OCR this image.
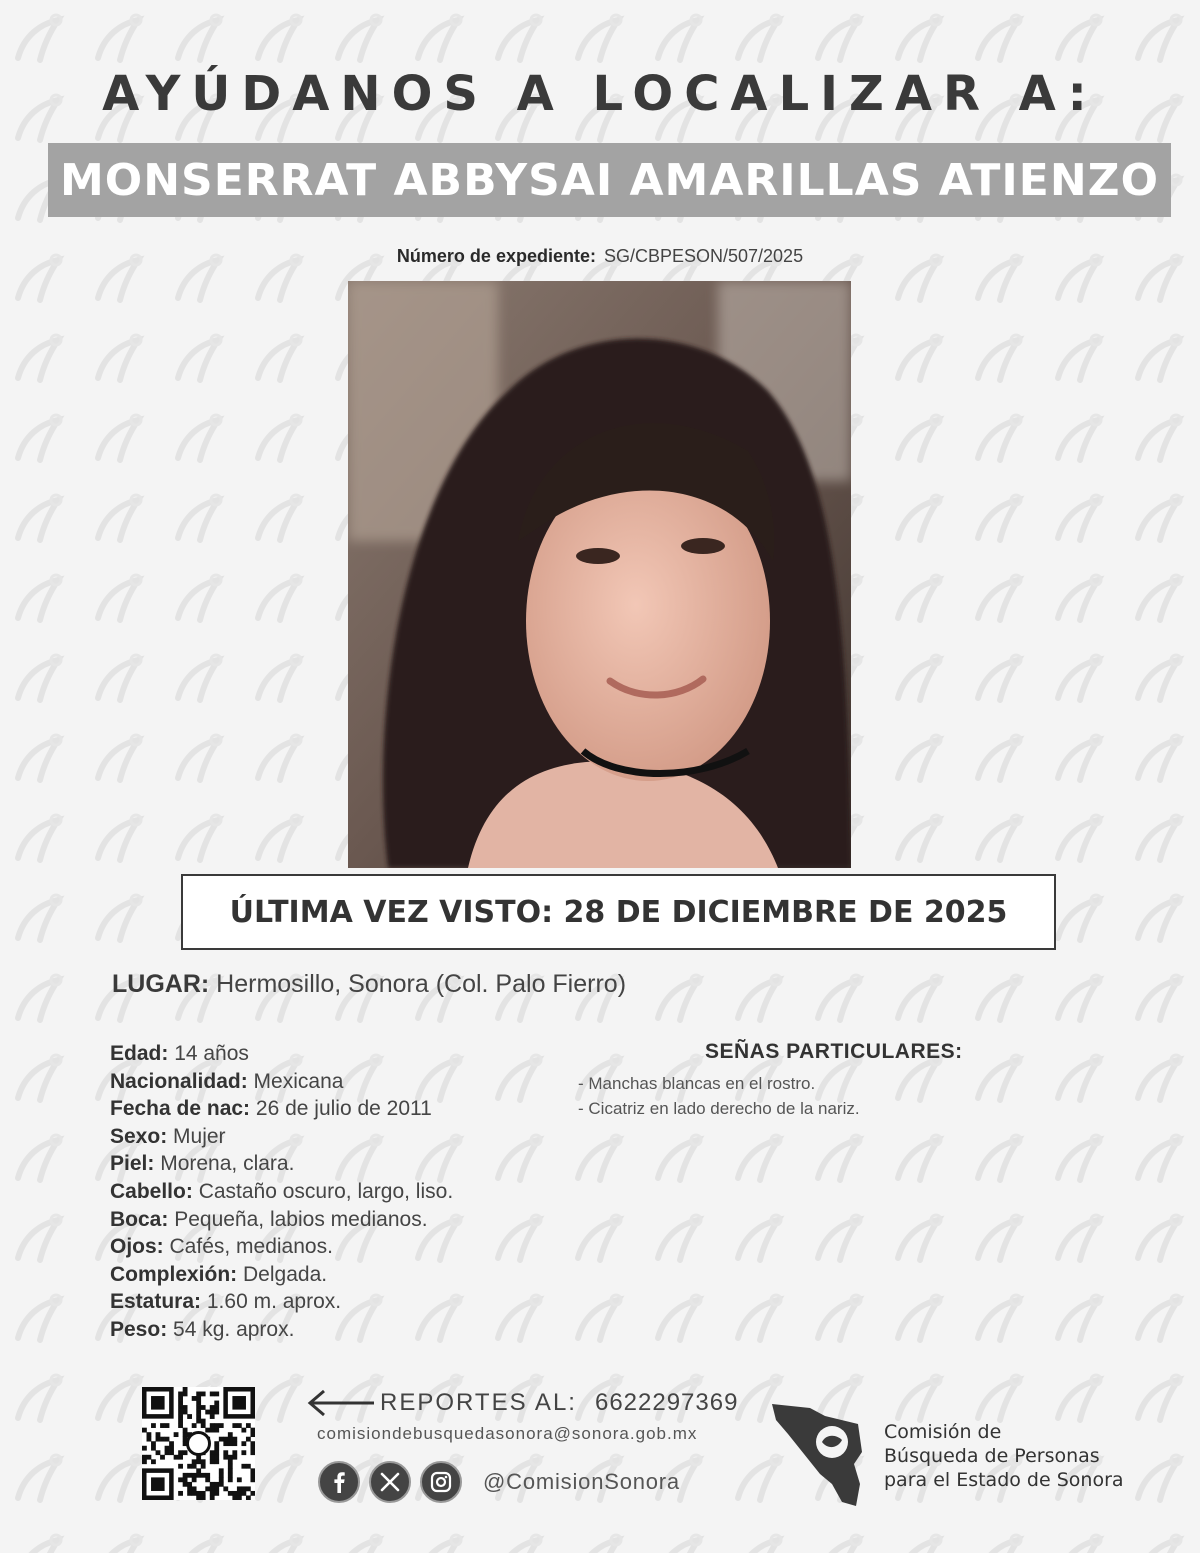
AYÚDANOS A LOCALIZAR A:
MONSERRAT ABBYSAI AMARILLAS ATIENZO
Número de expediente: SG/CBPESON/507/2025
ÚLTIMA VEZ VISTO: 28 DE DICIEMBRE DE 2025
LUGAR: Hermosillo, Sonora (Col. Palo Fierro)
Edad: 14 años
Nacionalidad: Mexicana
Fecha de nac: 26 de julio de 2011
Sexo: Mujer
Piel: Morena, clara.
Cabello: Castaño oscuro, largo, liso.
Boca: Pequeña, labios medianos.
Ojos: Cafés, medianos.
Complexión: Delgada.
Estatura: 1.60 m. aprox.
Peso: 54 kg. aprox.
SEÑAS PARTICULARES:
- Manchas blancas en el rostro.
- Cicatriz en lado derecho de la nariz.
REPORTES AL: 6622297369
comisiondebusquedasonora@sonora.gob.mx
@ComisionSonora
Comisión de
Búsqueda de Personas
para el Estado de Sonora
